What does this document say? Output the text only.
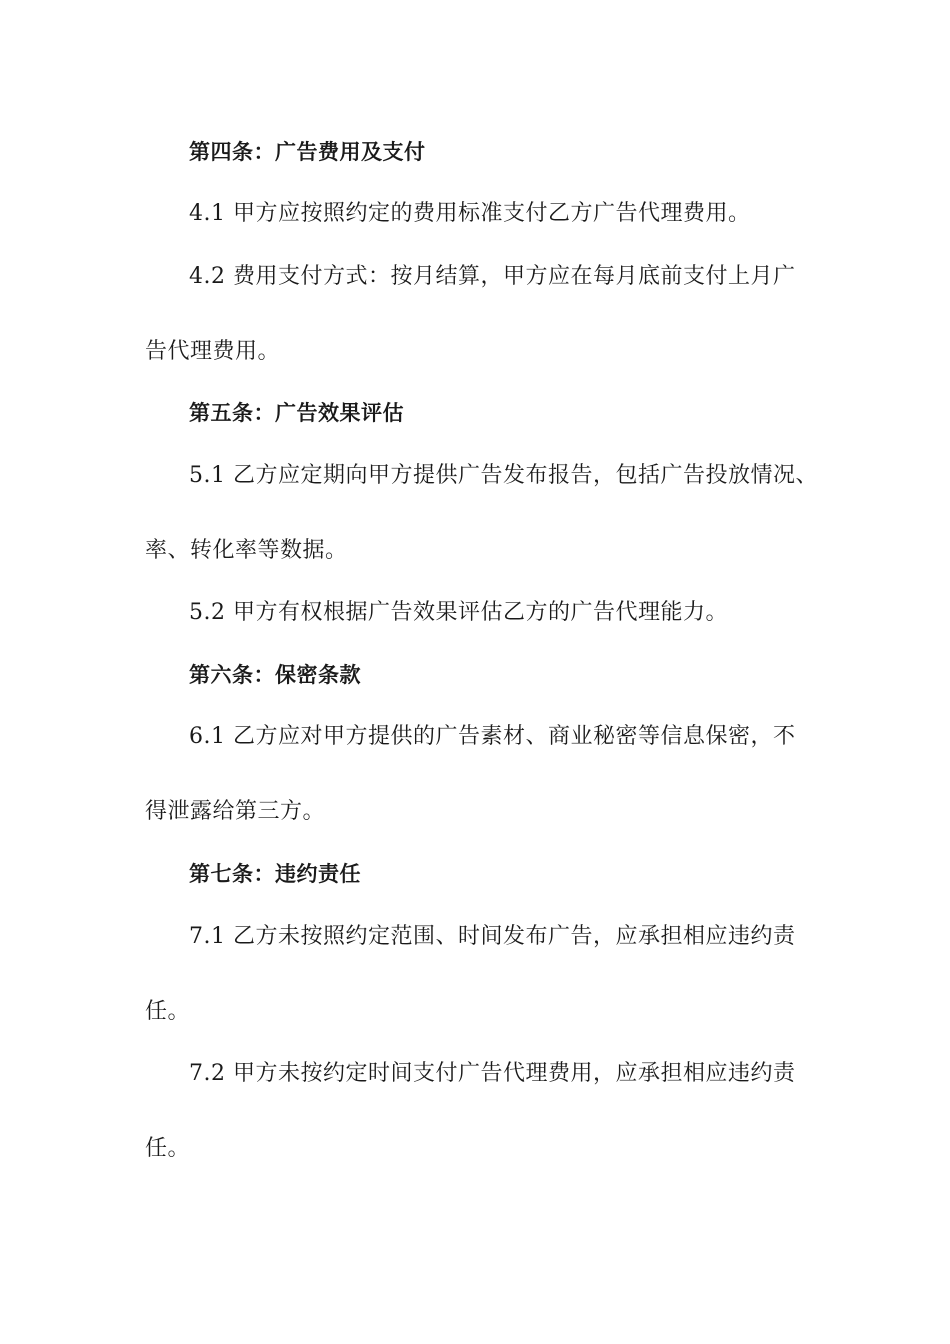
第四条：广告费用及支付
4.1 甲方应按照约定的费用标准支付乙方广告代理费用。
4.2 费用支付方式：按月结算，甲方应在每月底前支付上月广
告代理费用。
第五条：广告效果评估
5.1 乙方应定期向甲方提供广告发布报告，包括广告投放情况、
率、转化率等数据。
5.2 甲方有权根据广告效果评估乙方的广告代理能力。
第六条：保密条款
6.1 乙方应对甲方提供的广告素材、商业秘密等信息保密，不
得泄露给第三方。
第七条：违约责任
7.1 乙方未按照约定范围、时间发布广告，应承担相应违约责
任。
7.2 甲方未按约定时间支付广告代理费用，应承担相应违约责
任。
